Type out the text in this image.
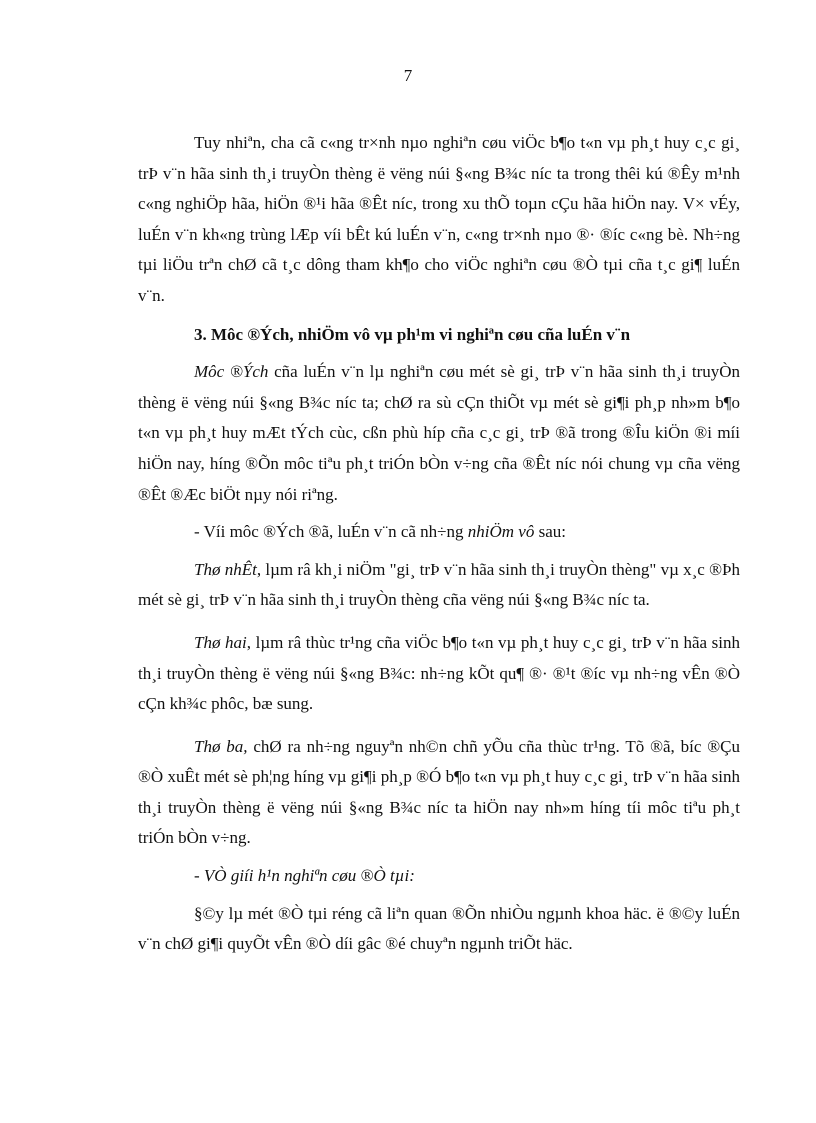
7

Tuy nhiªn, cha cã c«ng tr×nh nµo nghiªn cøu viÖc b¶o t«n vµ ph¸t huy c¸c gi¸ trÞ v¨n hãa sinh th¸i truyÒn thèng ë vëng núi §«ng B¾c níc ta trong thêi kú ®Êy m¹nh c«ng nghiÖp hãa, hiÖn ®¹i hãa ®Êt níc, trong xu thÕ toµn cÇu hãa hiÖn nay. V× vÉy, luÉn v¨n kh«ng trùng lÆp víi bÊt kú luÉn v¨n, c«ng tr×nh nµo ®· ®íc c«ng bè. Nh÷ng tµi liÖu trªn chØ cã t¸c dông tham kh¶o cho viÖc nghiªn cøu ®Ò tµi cña t¸c gi¶ luÉn v¨n.

3. Môc ®Ých, nhiÖm vô vµ ph¹m vi nghiªn cøu cña luÉn v¨n

Môc ®Ých cña luÉn v¨n lµ nghiªn cøu mét sè gi¸ trÞ v¨n hãa sinh th¸i truyÒn thèng ë vëng núi §«ng B¾c níc ta; chØ ra sù cÇn thiÕt vµ mét sè gi¶i ph¸p nh»m b¶o t«n vµ ph¸t huy mÆt tÝch cùc, cßn phù híp cña c¸c gi¸ trÞ ®ã trong ®Îu kiÖn ®i míi hiÖn nay, híng ®Õn môc tiªu ph¸t triÓn bÒn v÷ng cña ®Êt níc nói chung vµ cña vëng ®Êt ®Æc biÖt nµy nói riªng.

- Víi môc ®Ých ®ã, luÉn v¨n cã nh÷ng nhiÖm vô sau:

Thø nhÊt, lµm râ kh¸i niÖm "gi¸ trÞ v¨n hãa sinh th¸i truyÒn thèng" vµ x¸c ®Þh mét sè gi¸ trÞ v¨n hãa sinh th¸i truyÒn thèng cña vëng núi §«ng B¾c níc ta.

Thø hai, lµm râ thùc tr¹ng cña viÖc b¶o t«n vµ ph¸t huy c¸c gi¸ trÞ v¨n hãa sinh th¸i truyÒn thèng ë vëng núi §«ng B¾c: nh÷ng kÕt qu¶ ®· ®¹t ®íc vµ nh÷ng vÊn ®Ò cÇn kh¾c phôc, bæ sung.

Thø ba, chØ ra nh÷ng nguyªn nh©n chñ yÕu cña thùc tr¹ng. Tõ ®ã, bíc ®Çu ®Ò xuÊt mét sè ph¦ng híng vµ gi¶i ph¸p ®Ó b¶o t«n vµ ph¸t huy c¸c gi¸ trÞ v¨n hãa sinh th¸i truyÒn thèng ë vëng núi §«ng B¾c níc ta hiÖn nay nh»m híng tíi môc tiªu ph¸t triÓn bÒn v÷ng.

- VÒ giíi h¹n nghiªn cøu ®Ò tµi:

§©y lµ mét ®Ò tµi réng cã liªn quan ®Õn nhiÒu ngµnh khoa häc. ë ®©y luÉn v¨n chØ gi¶i quyÕt vÊn ®Ò díi gâc ®é chuyªn ngµnh triÕt häc.
